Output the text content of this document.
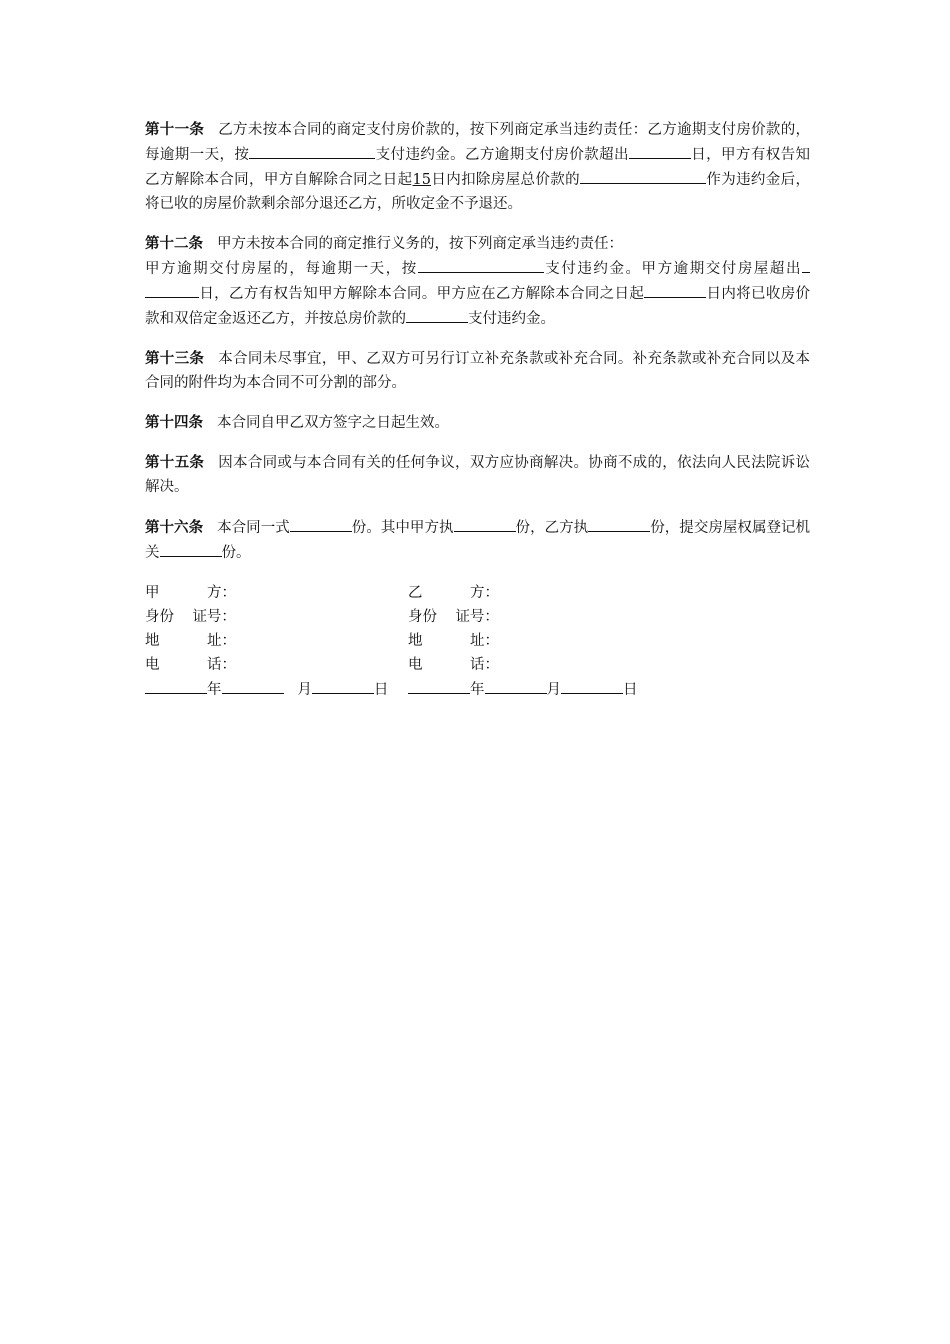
第十一条 乙方未按本合同的商定支付房价款的，按下列商定承当违约责任：乙方逾期支付房价款的，每逾期一天，按	支付违约金。乙方逾期支付房价款超出	日，甲方有权告知乙方解除本合同，甲方自解除合同之日起15日内扣除房屋总价款的	作为违约金后，将已收的房屋价款剩余部分退还乙方，所收定金不予退还。

第十二条 甲方未按本合同的商定推行义务的，按下列商定承当违约责任：
甲方逾期交付房屋的，每逾期一天，按	支付违约金。甲方逾期交付房屋超出日，乙方有权告知甲方解除本合同。甲方应在乙方解除本合同之日起	日内将已收房价款和双倍定金返还乙方，并按总房价款的	支付违约金。

第十三条 本合同未尽事宜，甲、乙双方可另行订立补充条款或补充合同。补充条款或补充合同以及本合同的附件均为本合同不可分割的部分。

第十四条 本合同自甲乙双方签字之日起生效。

第十五条 因本合同或与本合同有关的任何争议，双方应协商解决。协商不成的，依法向人民法院诉讼解决。

第十六条 本合同一式	份。其中甲方执	份，乙方执	份，提交房屋权属登记机关	份。

甲	方：
身份 证号：
地	址：
电	话：
年	月	日
乙	方：
身份 证号：
地	址：
电	话：
年	月	日
